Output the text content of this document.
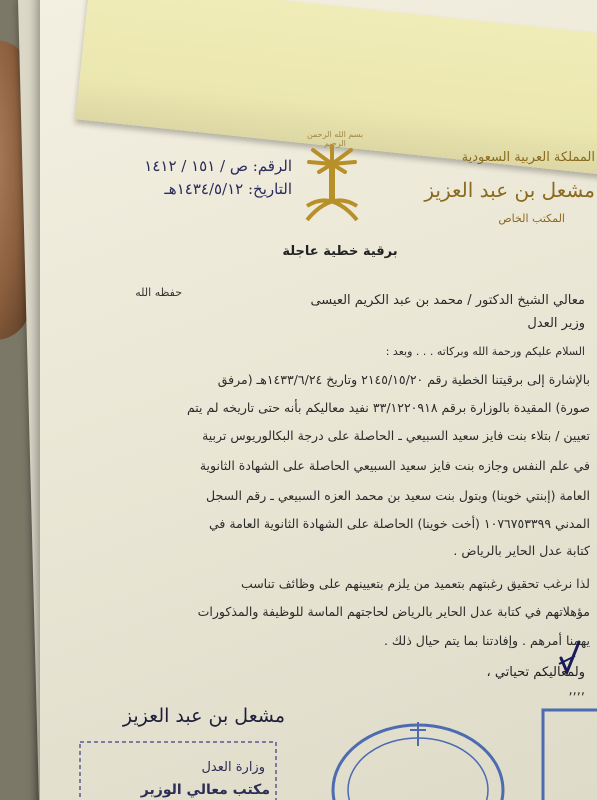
المملكة العربية السعودية

مشعل بن عبد العزيز

المكتب الخاص

بسم الله الرحمن الرحيم

الرقم: ص / ١٥١ / ١٤١٢

التاريخ: ١٤٣٤/٥/١٢هـ

برقية خطية عاجلة

حفظه الله

معالي الشيخ الدكتور / محمد بن عبد الكريم العيسى

وزير العدل

السلام عليكم ورحمة الله وبركاته . . . وبعد :

بالإشارة إلى برقيتنا الخطية رقم ٢١٤٥/١٥/٢٠ وتاريخ ١٤٣٣/٦/٢٤هـ (مرفق

صورة) المقيدة بالوزارة برقم ٣٣/١٢٢٠٩١٨ نفيد معاليكم بأنه حتى تاريخه لم يتم

تعيين / بتلاء بنت فايز سعيد السبيعي ـ الحاصلة على درجة البكالوريوس تربية

في علم النفس وجازه بنت فايز سعيد السبيعي الحاصلة على الشهادة الثانوية

العامة (إبنتي خوينا) وبتول بنت سعيد بن محمد العزه السبيعي ـ رقم السجل

المدني ١٠٧٦٧٥٣٣٩٩ (أخت خوينا) الحاصلة على الشهادة الثانوية العامة في

كتابة عدل الحاير بالرياض .

لذا نرغب تحقيق رغبتهم بتعميد من يلزم بتعيينهم على وظائف تناسب

مؤهلاتهم في كتابة عدل الحاير بالرياض لحاجتهم الماسة للوظيفة والمذكورات

يهمنا أمرهم . وإفادتنا بما يتم حيال ذلك .

ولمعاليكم تحياتي ،

,,,,

مشعل بن عبد العزيز

وزارة العدل

مكتب معالي الوزير
